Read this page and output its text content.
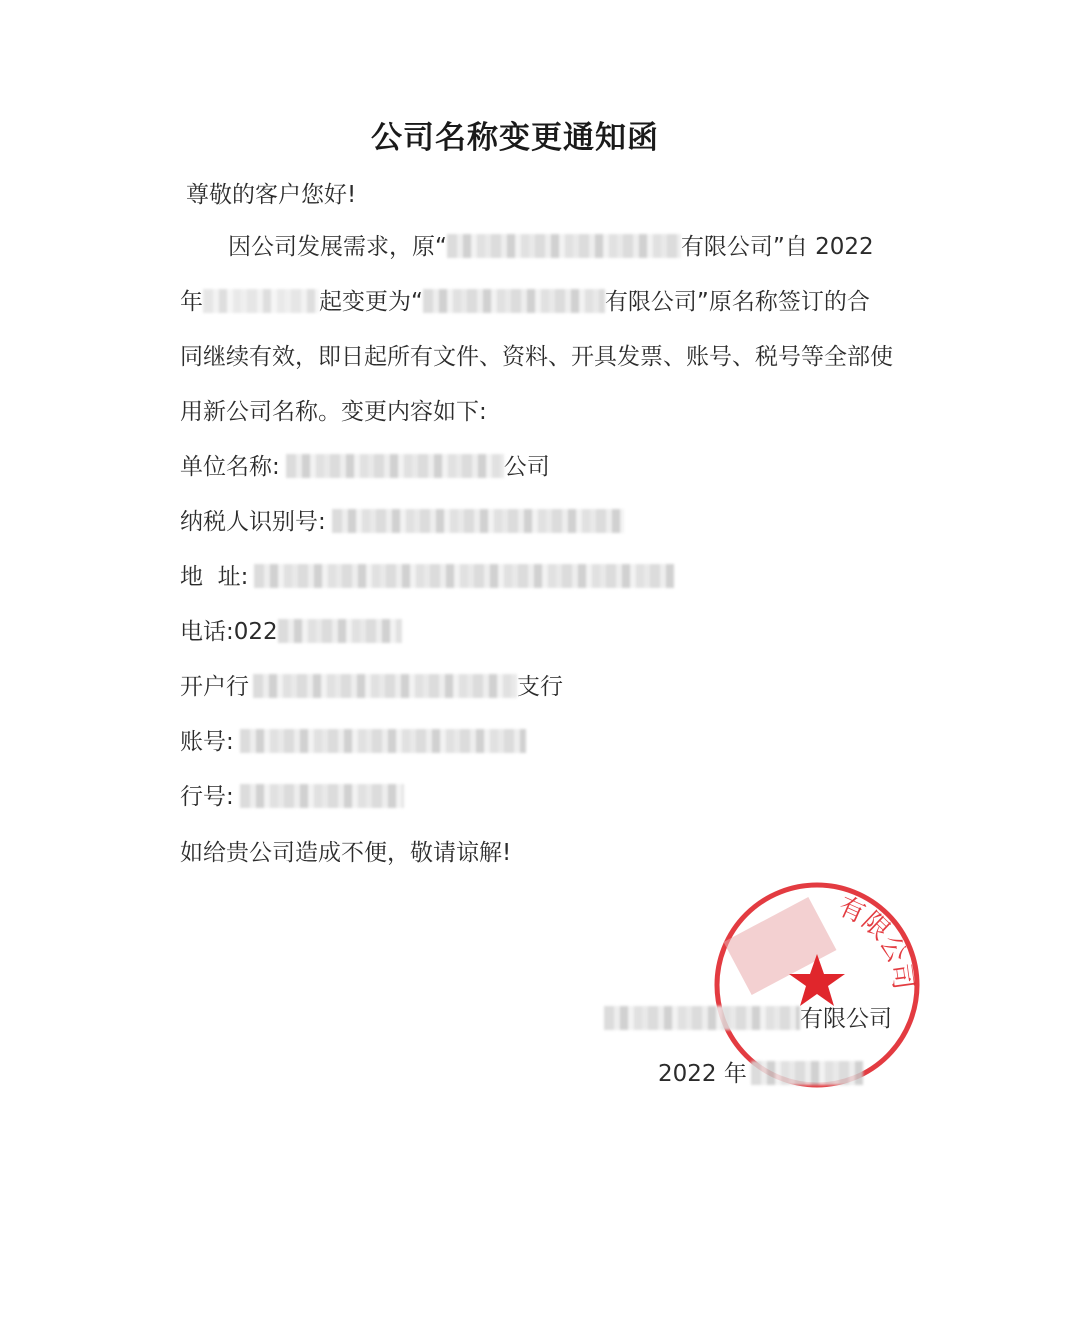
公司名称变更通知函
尊敬的客户您好!
因公司发展需求，原“	有限公司”自 2022
年	起变更为“	有限公司”原名称签订的合
同继续有效，即日起所有文件、资料、开具发票、账号、税号等全部使
用新公司名称。变更内容如下:
单位名称:	公司
纳税人识别号:
地  址:
电话:022
开户行	支行
账号:
行号:
如给贵公司造成不便，敬请谅解!
有限公司
有限公司
2022 年
